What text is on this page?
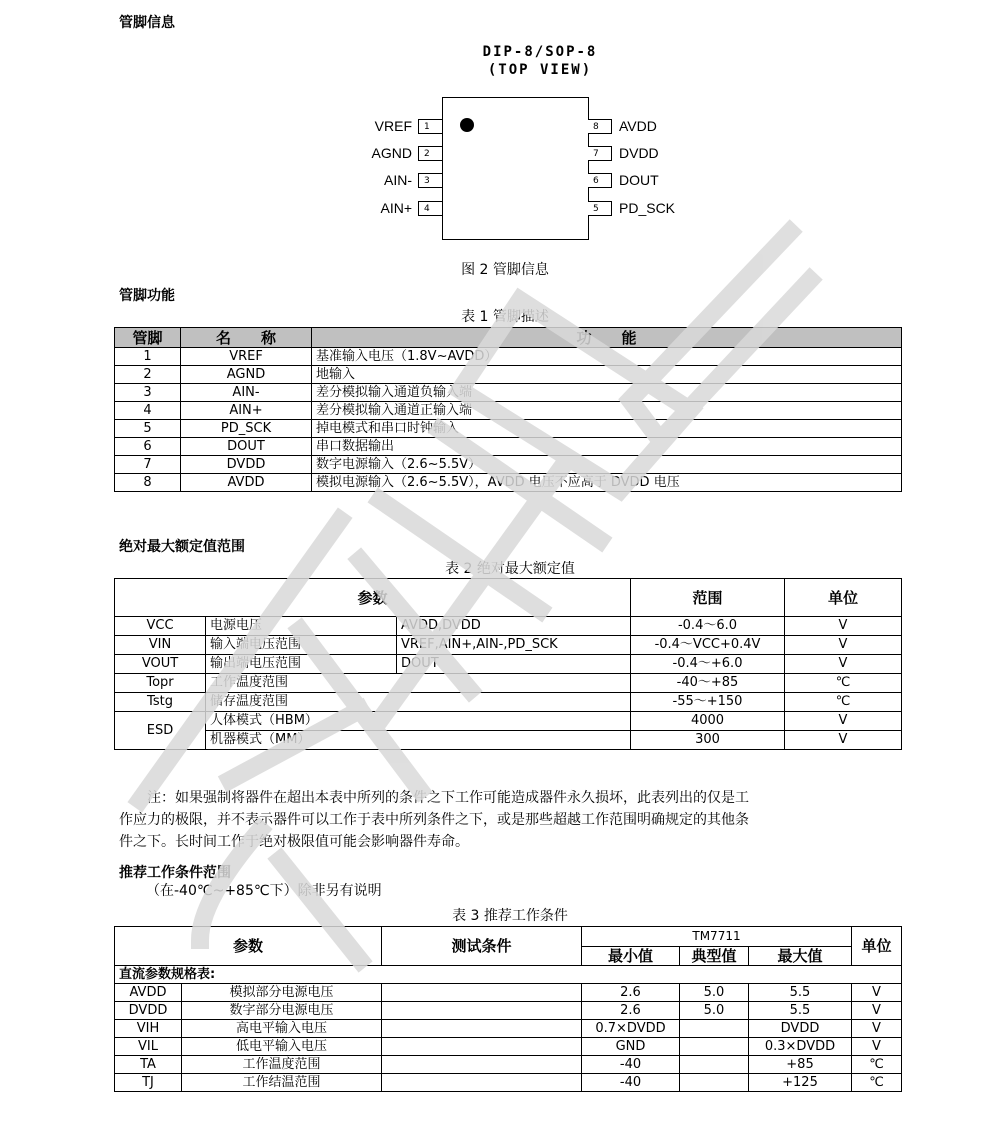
管脚信息
DIP-8/SOP-8
(TOP VIEW)
VREF	1
AGND	2
AIN-	3
AIN+	4
8	AVDD
7	DVDD
6	DOUT
5	PD_SCK
图 2 管脚信息
管脚功能
表 1 管脚描述
管脚	名　　称	功　　能
1	VREF	基准输入电压（1.8V~AVDD）
2	AGND	地输入
3	AIN-	差分模拟输入通道负输入端
4	AIN+	差分模拟输入通道正输入端
5	PD_SCK	掉电模式和串口时钟输入
6	DOUT	串口数据输出
7	DVDD	数字电源输入（2.6~5.5V）
8	AVDD	模拟电源输入（2.6~5.5V），AVDD 电压不应高于 DVDD 电压
绝对最大额定值范围
表 2 绝对最大额定值
参数			范围	单位
VCC	电源电压	AVDD,DVDD	-0.4～6.0	V
VIN	输入端电压范围	VREF,AIN+,AIN-,PD_SCK	-0.4～VCC+0.4V	V
VOUT	输出端电压范围	DOUT	-0.4～+6.0	V
Topr	工作温度范围		-40～+85	℃
Tstg	储存温度范围		-55～+150	℃
ESD	人体模式（HBM）		4000	V
	机器模式（MM）		300	V
注：如果强制将器件在超出本表中所列的条件之下工作可能造成器件永久损坏，此表列出的仅是工
作应力的极限，并不表示器件可以工作于表中所列条件之下，或是那些超越工作范围明确规定的其他条
件之下。长时间工作于绝对极限值可能会影响器件寿命。
推荐工作条件范围
（在-40℃~+85℃下）除非另有说明
表 3 推荐工作条件
参数		测试条件	TM7711			单位
			最小值	典型值	最大值	
直流参数规格表:						
AVDD	模拟部分电源电压		2.6	5.0	5.5	V
DVDD	数字部分电源电压		2.6	5.0	5.5	V
VIH	高电平输入电压		0.7×DVDD		DVDD	V
VIL	低电平输入电压		GND		0.3×DVDD	V
TA	工作温度范围		-40		+85	℃
TJ	工作结温范围		-40		+125	℃
